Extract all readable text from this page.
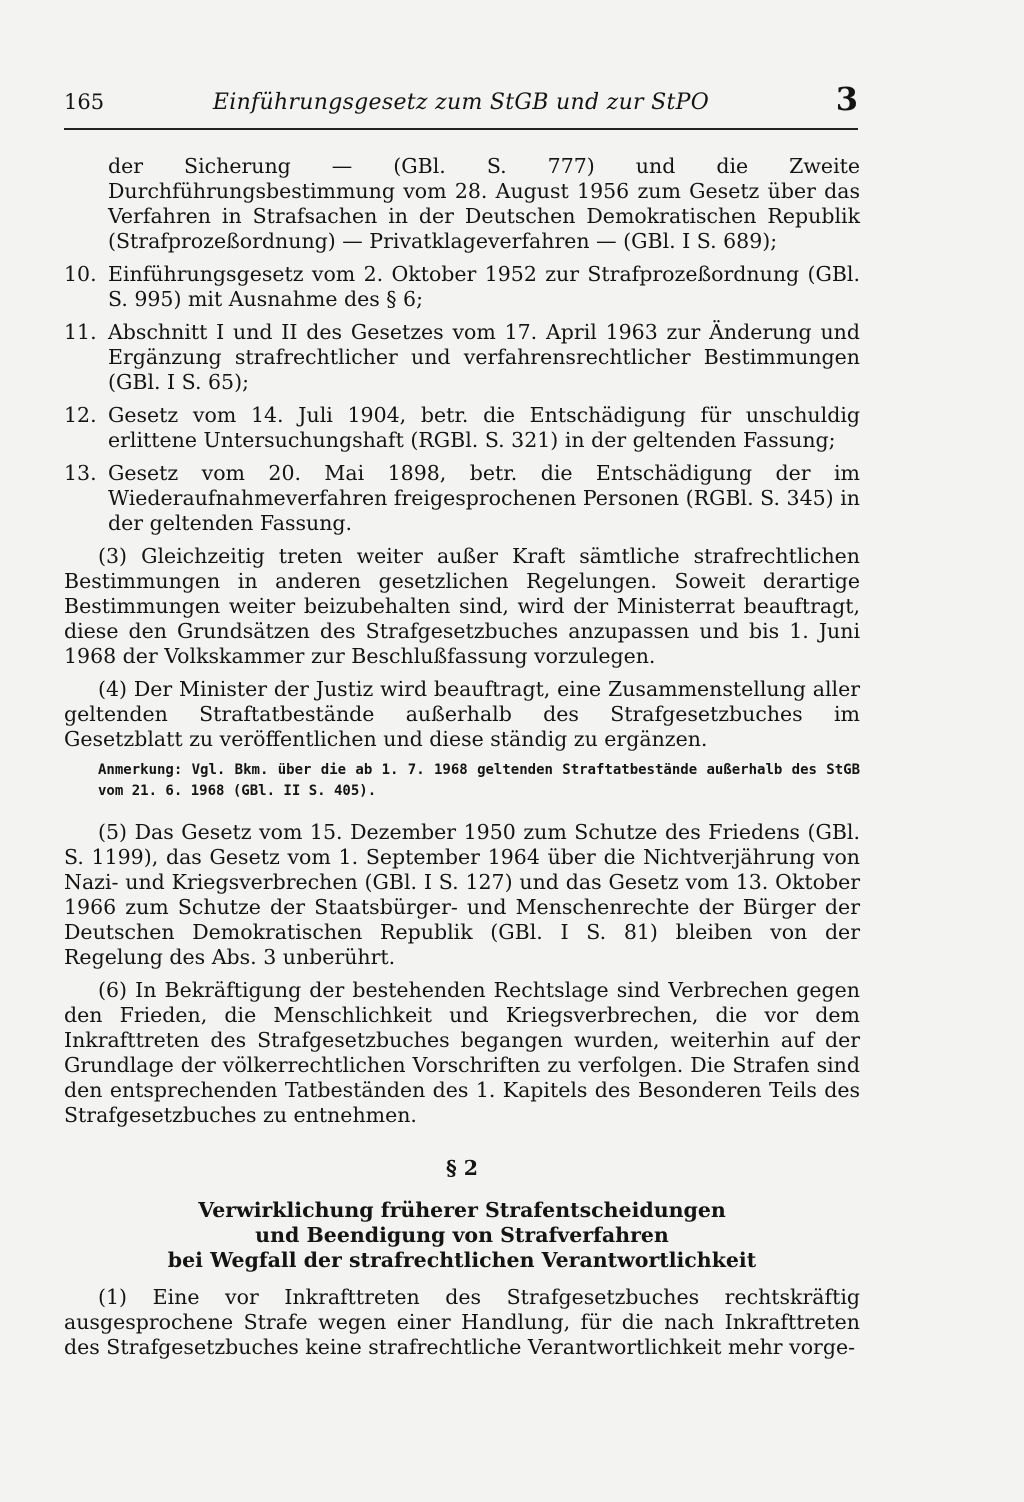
165	Einführungsgesetz zum StGB und zur StPO	3

der Sicherung — (GBl. S. 777) und die Zweite Durchführungsbestimmung vom 28. August 1956 zum Gesetz über das Verfahren in Strafsachen in der Deutschen Demokratischen Republik (Strafprozeßordnung) — Privatklageverfahren — (GBl. I S. 689);

10. Einführungsgesetz vom 2. Oktober 1952 zur Strafprozeßordnung (GBl. S. 995) mit Ausnahme des § 6;
11. Abschnitt I und II des Gesetzes vom 17. April 1963 zur Änderung und Ergänzung strafrechtlicher und verfahrensrechtlicher Bestimmungen (GBl. I S. 65);
12. Gesetz vom 14. Juli 1904, betr. die Entschädigung für unschuldig erlittene Untersuchungshaft (RGBl. S. 321) in der geltenden Fassung;
13. Gesetz vom 20. Mai 1898, betr. die Entschädigung der im Wiederaufnahmeverfahren freigesprochenen Personen (RGBl. S. 345) in der geltenden Fassung.

(3) Gleichzeitig treten weiter außer Kraft sämtliche strafrechtlichen Bestimmungen in anderen gesetzlichen Regelungen. Soweit derartige Bestimmungen weiter beizubehalten sind, wird der Ministerrat beauftragt, diese den Grundsätzen des Strafgesetzbuches anzupassen und bis 1. Juni 1968 der Volkskammer zur Beschlußfassung vorzulegen.

(4) Der Minister der Justiz wird beauftragt, eine Zusammenstellung aller geltenden Straftatbestände außerhalb des Strafgesetzbuches im Gesetzblatt zu veröffentlichen und diese ständig zu ergänzen.

Anmerkung: Vgl. Bkm. über die ab 1. 7. 1968 geltenden Straftatbestände außerhalb des StGB vom 21. 6. 1968 (GBl. II S. 405).

(5) Das Gesetz vom 15. Dezember 1950 zum Schutze des Friedens (GBl. S. 1199), das Gesetz vom 1. September 1964 über die Nichtverjährung von Nazi- und Kriegsverbrechen (GBl. I S. 127) und das Gesetz vom 13. Oktober 1966 zum Schutze der Staatsbürger- und Menschenrechte der Bürger der Deutschen Demokratischen Republik (GBl. I S. 81) bleiben von der Regelung des Abs. 3 unberührt.

(6) In Bekräftigung der bestehenden Rechtslage sind Verbrechen gegen den Frieden, die Menschlichkeit und Kriegsverbrechen, die vor dem Inkrafttreten des Strafgesetzbuches begangen wurden, weiterhin auf der Grundlage der völkerrechtlichen Vorschriften zu verfolgen. Die Strafen sind den entsprechenden Tatbeständen des 1. Kapitels des Besonderen Teils des Strafgesetzbuches zu entnehmen.

§ 2
Verwirklichung früherer Strafentscheidungen
und Beendigung von Strafverfahren
bei Wegfall der strafrechtlichen Verantwortlichkeit

(1) Eine vor Inkrafttreten des Strafgesetzbuches rechtskräftig ausgesprochene Strafe wegen einer Handlung, für die nach Inkrafttreten des Strafgesetzbuches keine strafrechtliche Verantwortlichkeit mehr vorge-
